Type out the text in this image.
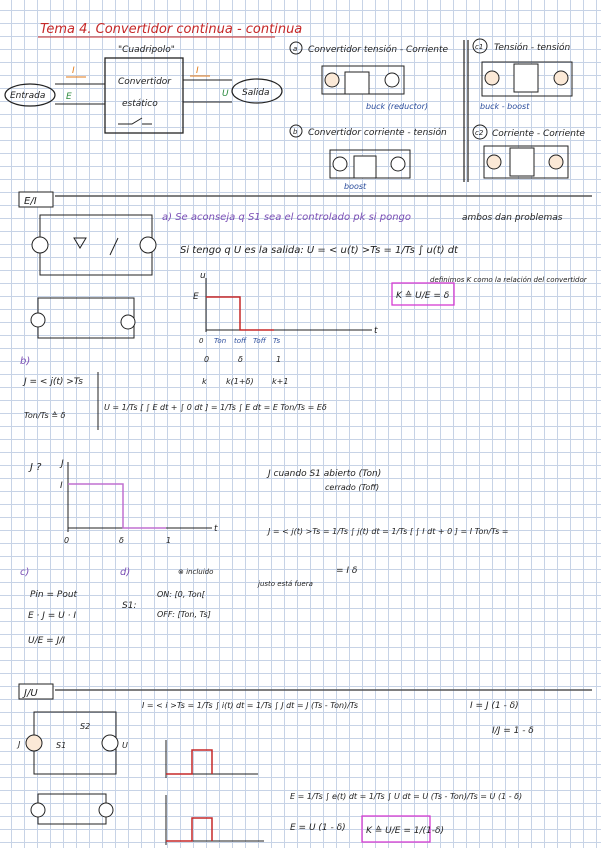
Tema 4. Convertidor continua - continua
"Cuadripolo"
Convertidor
estático
Entrada	Salida
I	I
E	U
a Convertidor tensión - Corriente
buck (reductor)
b Convertidor corriente - tensión
boost
c1 Tensión - tensión
buck - boost
c2 Corriente - Corriente
E/I
a) Se aconseja q S1 sea el controlado pk si pongo	ambos dan problemas
Si tengo q U es la salida: U = < u(t) >Ts = 1/Ts ∫ u(t) dt
definimos K como la relación del convertidor
K ≙ U/E = δ
u
t
E
0 Ton toff Toff Ts
0	δ	1
k k(1+δ) k+1
b)
J = < j(t) >Ts
Ton/Ts ≙ δ
U = 1/Ts [ ∫ E dt + ∫ 0 dt ] = 1/Ts ∫ E dt = E Ton/Ts = Eδ
J ? J
t
I
0	δ	1
J cuando S1 abierto (Ton)
cerrado (Toff)
J = < j(t) >Ts = 1/Ts ∫ j(t) dt = 1/Ts [ ∫ I dt + 0 ] = I Ton/Ts =
= I δ
c)	d)
Pin = Pout
E · J = U · I
U/E = J/I
S1:
ON: [0, Ton[
OFF: [Ton, Ts]
⊗ incluido
justo está fuera
J/U
S2
S1
J	U
I = < i >Ts = 1/Ts ∫ i(t) dt = 1/Ts ∫ J dt = J (Ts - Ton)/Ts	I = J (1 - δ)
I/J = 1 - δ
E = 1/Ts ∫ e(t) dt = 1/Ts ∫ U dt = U (Ts - Ton)/Ts = U (1 - δ)
E = U (1 - δ) K ≙ U/E = 1/(1-δ)
